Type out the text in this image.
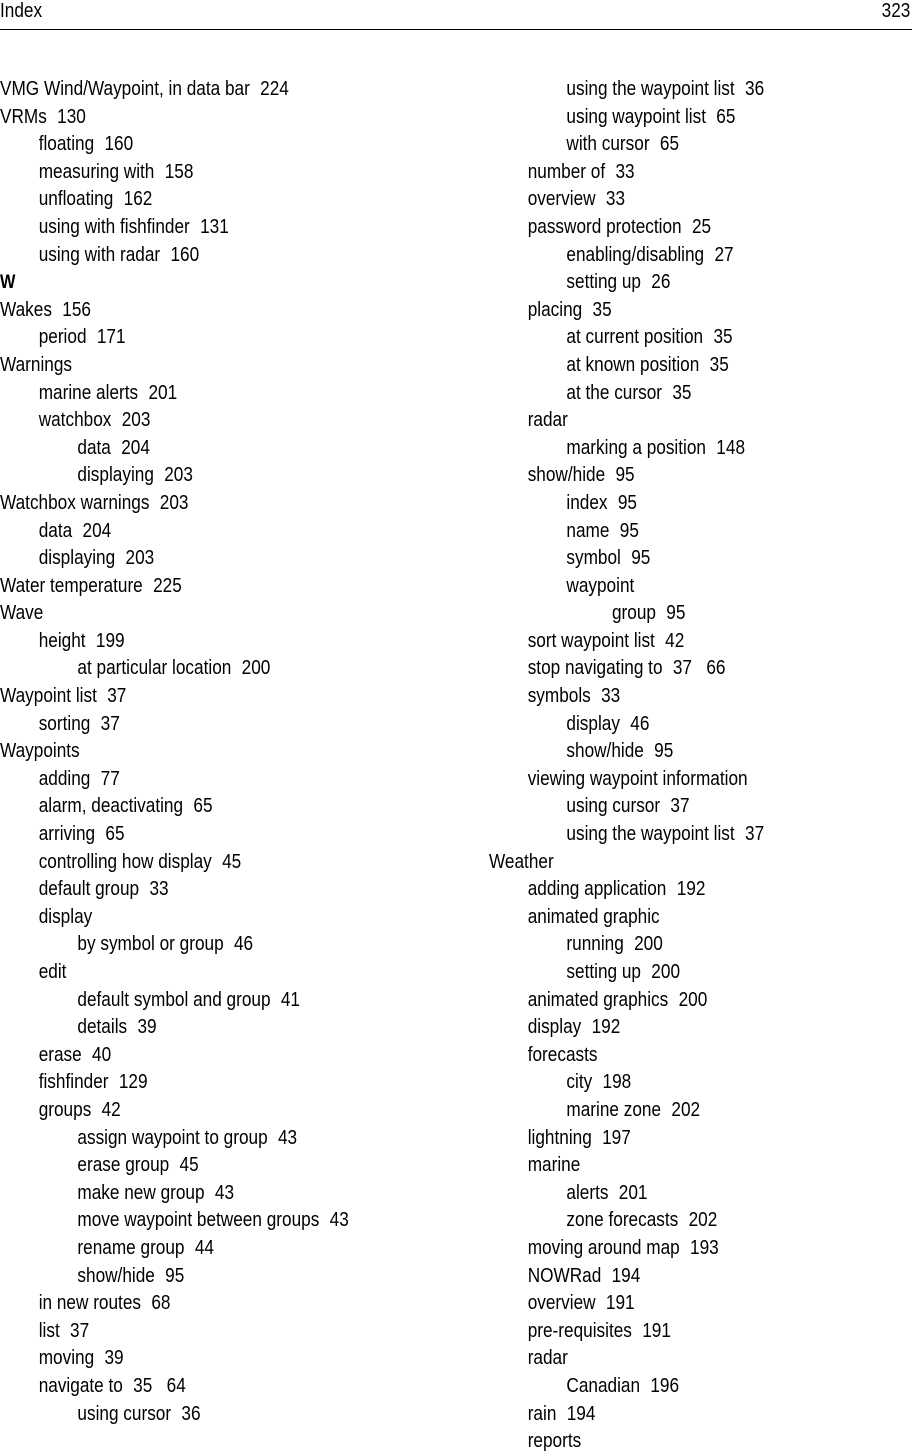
Index	323
VMG Wind/Waypoint, in data bar 224
VRMs 130
floating 160
measuring with 158
unfloating 162
using with fishfinder 131
using with radar 160
W
Wakes 156
period 171
Warnings
marine alerts 201
watchbox 203
data 204
displaying 203
Watchbox warnings 203
data 204
displaying 203
Water temperature 225
Wave
height 199
at particular location 200
Waypoint list 37
sorting 37
Waypoints
adding 77
alarm, deactivating 65
arriving 65
controlling how display 45
default group 33
display
by symbol or group 46
edit
default symbol and group 41
details 39
erase 40
fishfinder 129
groups 42
assign waypoint to group 43
erase group 45
make new group 43
move waypoint between groups 43
rename group 44
show/hide 95
in new routes 68
list 37
moving 39
navigate to 35   64
using cursor 36
using the waypoint list 36
using waypoint list 65
with cursor 65
number of 33
overview 33
password protection 25
enabling/disabling 27
setting up 26
placing 35
at current position 35
at known position 35
at the cursor 35
radar
marking a position 148
show/hide 95
index 95
name 95
symbol 95
waypoint
group 95
sort waypoint list 42
stop navigating to 37   66
symbols 33
display 46
show/hide 95
viewing waypoint information
using cursor 37
using the waypoint list 37
Weather
adding application 192
animated graphic
running 200
setting up 200
animated graphics 200
display 192
forecasts
city 198
marine zone 202
lightning 197
marine
alerts 201
zone forecasts 202
moving around map 193
NOWRad 194
overview 191
pre-requisites 191
radar
Canadian 196
rain 194
reports
